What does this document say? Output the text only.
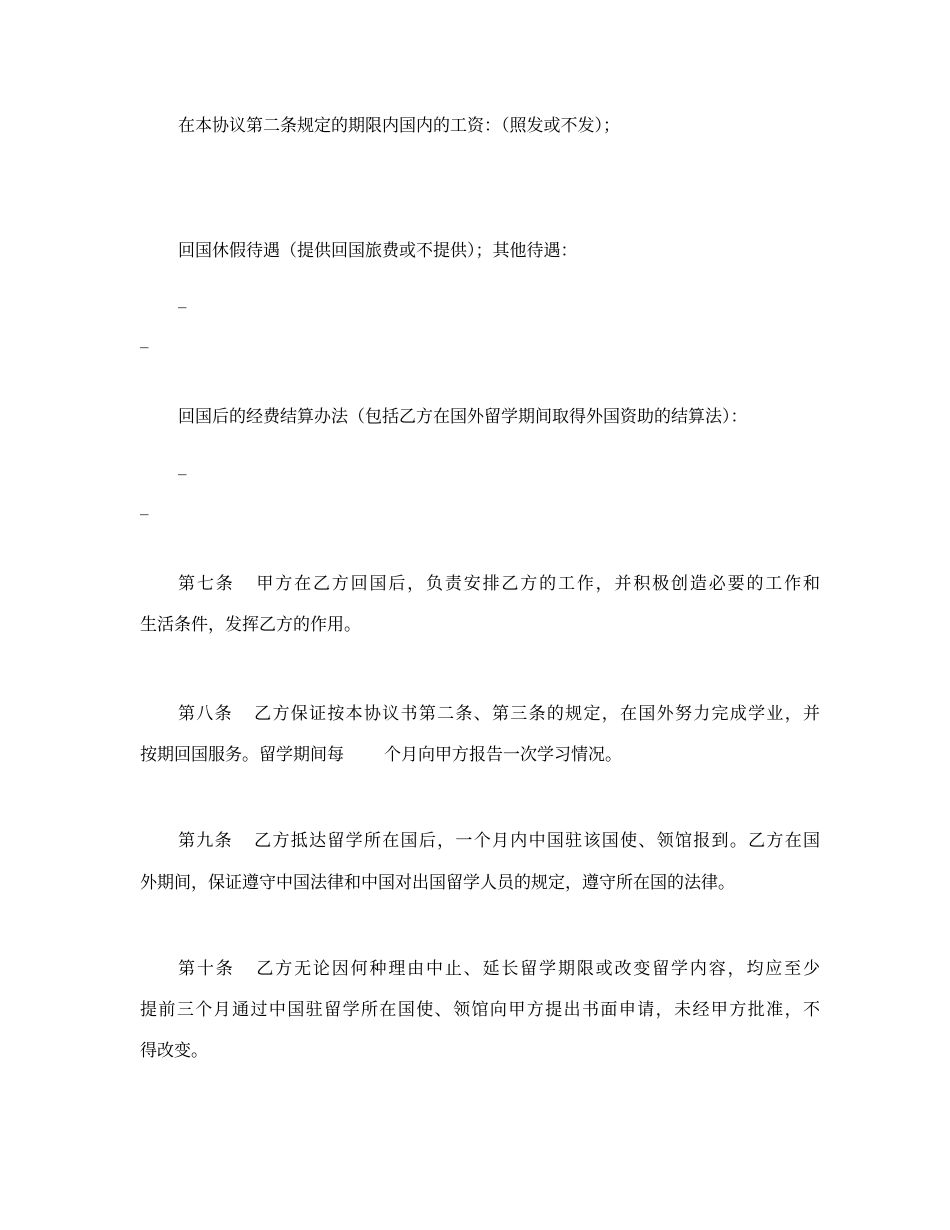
在本协议第二条规定的期限内国内的工资：（照发或不发）；
回国休假待遇（提供回国旅费或不提供）；其他待遇：
_
_
回国后的经费结算办法（包括乙方在国外留学期间取得外国资助的结算法）：
_
_
第七条 甲方在乙方回国后，负责安排乙方的工作，并积极创造必要的工作和
生活条件，发挥乙方的作用。
第八条 乙方保证按本协议书第二条、第三条的规定，在国外努力完成学业，并
按期回国服务。留学期间每 个月向甲方报告一次学习情况。
第九条 乙方抵达留学所在国后，一个月内中国驻该国使、领馆报到。乙方在国
外期间，保证遵守中国法律和中国对出国留学人员的规定，遵守所在国的法律。
第十条 乙方无论因何种理由中止、延长留学期限或改变留学内容，均应至少
提前三个月通过中国驻留学所在国使、领馆向甲方提出书面申请，未经甲方批准，不
得改变。
